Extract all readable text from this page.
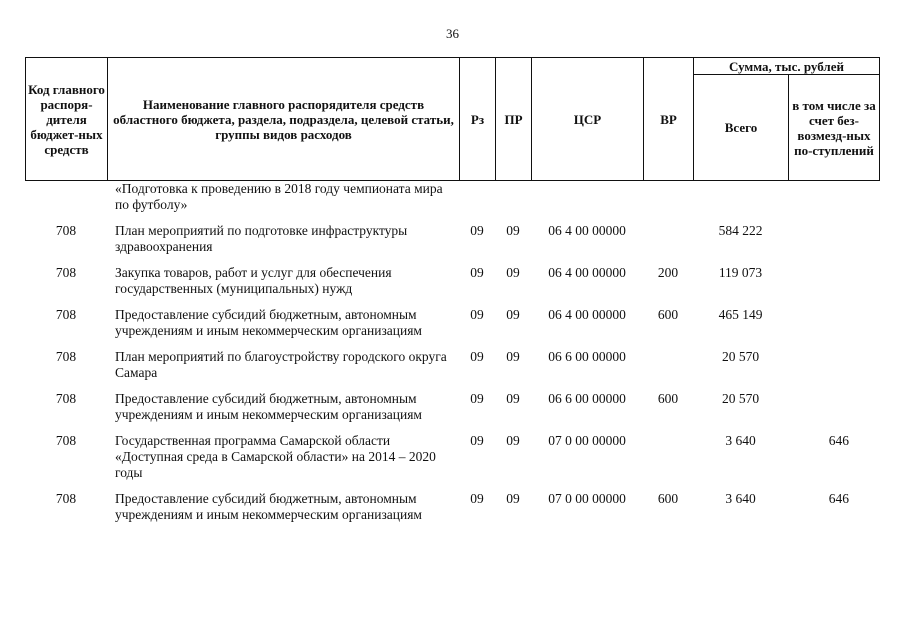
36
Код главного распоря-дителя бюджет-ных средств	Наименование главного распорядителя средств областного бюджета, раздела, подраздела, целевой статьи, группы видов расходов	Рз	ПР	ЦСР	ВР	Сумма, тыс. рублей	
						Всего	в том числе за счет без-возмезд-ных по-ступлений
	«Подготовка к проведению в 2018 году чемпионата мира по футболу»						

708	План мероприятий по подготовке инфраструктуры здравоохранения	09	09	06 4 00 00000		584 222	

708	Закупка товаров, работ и услуг для обеспечения государственных (муниципальных) нужд	09	09	06 4 00 00000	200	119 073	

708	Предоставление субсидий бюджетным, автономным учреждениям и иным некоммерческим организациям	09	09	06 4 00 00000	600	465 149	

708	План мероприятий по благоустройству городского округа Самара	09	09	06 6 00 00000		20 570	

708	Предоставление субсидий бюджетным, автономным учреждениям и иным некоммерческим организациям	09	09	06 6 00 00000	600	20 570	

708	Государственная программа Самарской области «Доступная среда в Самарской области» на 2014 – 2020 годы	09	09	07 0 00 00000		3 640	646

708	Предоставление субсидий бюджетным, автономным учреждениям и иным некоммерческим организациям	09	09	07 0 00 00000	600	3 640	646
